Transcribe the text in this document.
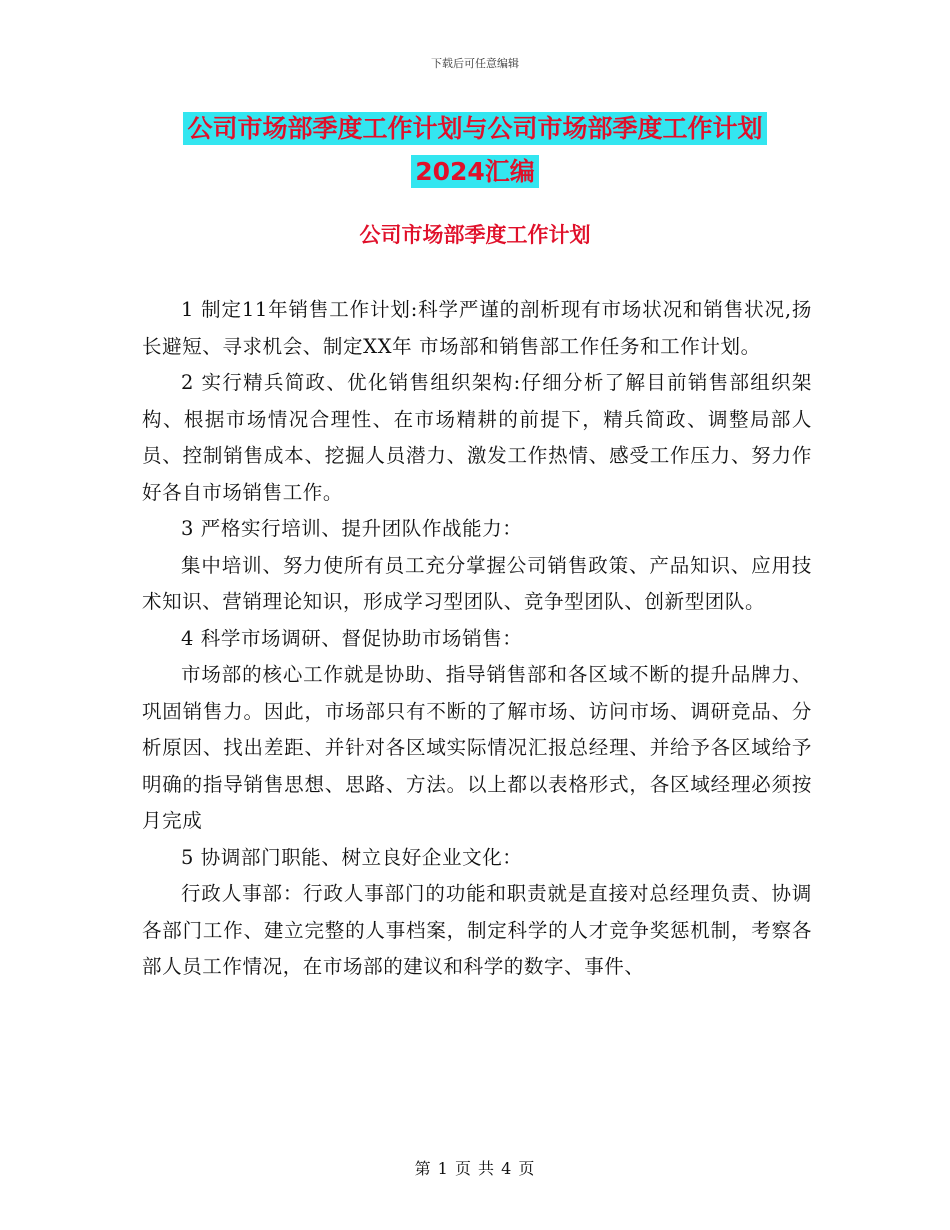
下载后可任意编辑
公司市场部季度工作计划与公司市场部季度工作计划
2024汇编
公司市场部季度工作计划

1 制定11年销售工作计划:科学严谨的剖析现有市场状况和销售状况,扬长避短、寻求机会、制定XX年 市场部和销售部工作任务和工作计划。

2 实行精兵简政、优化销售组织架构:仔细分析了解目前销售部组织架构、根据市场情况合理性、在市场精耕的前提下，精兵简政、调整局部人员、控制销售成本、挖掘人员潜力、激发工作热情、感受工作压力、努力作好各自市场销售工作。

3 严格实行培训、提升团队作战能力：

集中培训、努力使所有员工充分掌握公司销售政策、产品知识、应用技术知识、营销理论知识，形成学习型团队、竞争型团队、创新型团队。

4 科学市场调研、督促协助市场销售：

市场部的核心工作就是协助、指导销售部和各区域不断的提升品牌力、巩固销售力。因此，市场部只有不断的了解市场、访问市场、调研竞品、分析原因、找出差距、并针对各区域实际情况汇报总经理、并给予各区域给予明确的指导销售思想、思路、方法。以上都以表格形式，各区域经理必须按月完成

5 协调部门职能、树立良好企业文化：

行政人事部：行政人事部门的功能和职责就是直接对总经理负责、协调各部门工作、建立完整的人事档案，制定科学的人才竞争奖惩机制，考察各部人员工作情况，在市场部的建议和科学的数字、事件、

第 1 页 共 4 页
